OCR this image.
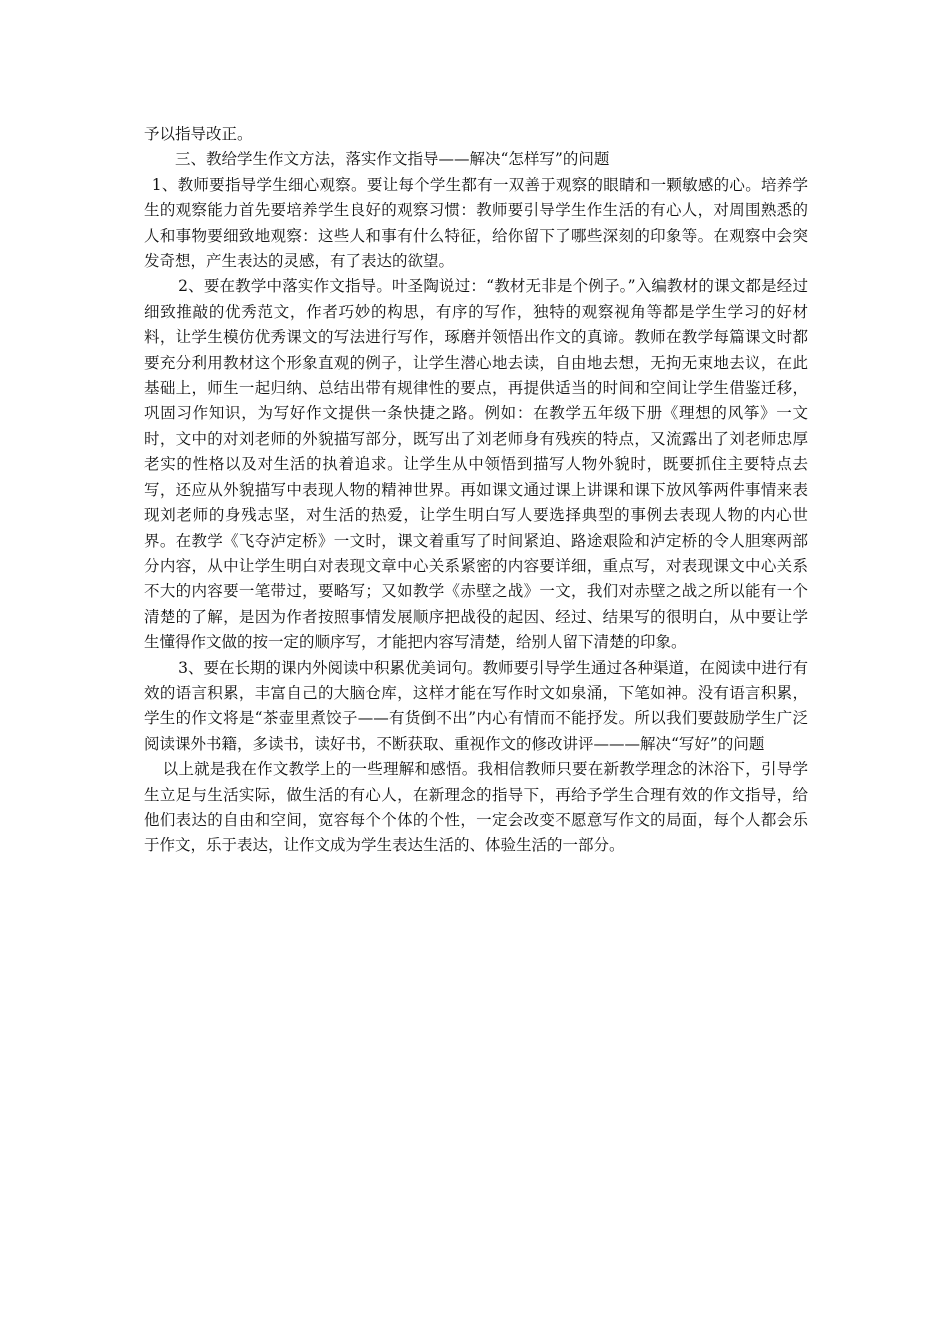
予以指导改正。

三、教给学生作文方法，落实作文指导——解决“怎样写”的问题

1、教师要指导学生细心观察。要让每个学生都有一双善于观察的眼睛和一颗敏感的心。培养学生的观察能力首先要培养学生良好的观察习惯：教师要引导学生作生活的有心人，对周围熟悉的人和事物要细致地观察：这些人和事有什么特征，给你留下了哪些深刻的印象等。在观察中会突发奇想，产生表达的灵感，有了表达的欲望。

2、要在教学中落实作文指导。叶圣陶说过：“教材无非是个例子。”入编教材的课文都是经过细致推敲的优秀范文，作者巧妙的构思，有序的写作，独特的观察视角等都是学生学习的好材料，让学生模仿优秀课文的写法进行写作，琢磨并领悟出作文的真谛。教师在教学每篇课文时都要充分利用教材这个形象直观的例子，让学生潜心地去读，自由地去想，无拘无束地去议，在此基础上，师生一起归纳、总结出带有规律性的要点，再提供适当的时间和空间让学生借鉴迁移，巩固习作知识，为写好作文提供一条快捷之路。例如：在教学五年级下册《理想的风筝》一文时，文中的对刘老师的外貌描写部分，既写出了刘老师身有残疾的特点，又流露出了刘老师忠厚老实的性格以及对生活的执着追求。让学生从中领悟到描写人物外貌时，既要抓住主要特点去写，还应从外貌描写中表现人物的精神世界。再如课文通过课上讲课和课下放风筝两件事情来表现刘老师的身残志坚，对生活的热爱，让学生明白写人要选择典型的事例去表现人物的内心世界。在教学《飞夺泸定桥》一文时，课文着重写了时间紧迫、路途艰险和泸定桥的令人胆寒两部分内容，从中让学生明白对表现文章中心关系紧密的内容要详细，重点写，对表现课文中心关系不大的内容要一笔带过，要略写；又如教学《赤壁之战》一文，我们对赤壁之战之所以能有一个清楚的了解，是因为作者按照事情发展顺序把战役的起因、经过、结果写的很明白，从中要让学生懂得作文做的按一定的顺序写，才能把内容写清楚，给别人留下清楚的印象。

3、要在长期的课内外阅读中积累优美词句。教师要引导学生通过各种渠道，在阅读中进行有效的语言积累，丰富自己的大脑仓库，这样才能在写作时文如泉涌，下笔如神。没有语言积累，学生的作文将是“茶壶里煮饺子——有货倒不出”内心有情而不能抒发。所以我们要鼓励学生广泛阅读课外书籍，多读书，读好书，不断获取、重视作文的修改讲评———解决“写好”的问题

以上就是我在作文教学上的一些理解和感悟。我相信教师只要在新教学理念的沐浴下，引导学生立足与生活实际，做生活的有心人，在新理念的指导下，再给予学生合理有效的作文指导，给他们表达的自由和空间，宽容每个个体的个性，一定会改变不愿意写作文的局面，每个人都会乐于作文，乐于表达，让作文成为学生表达生活的、体验生活的一部分。
